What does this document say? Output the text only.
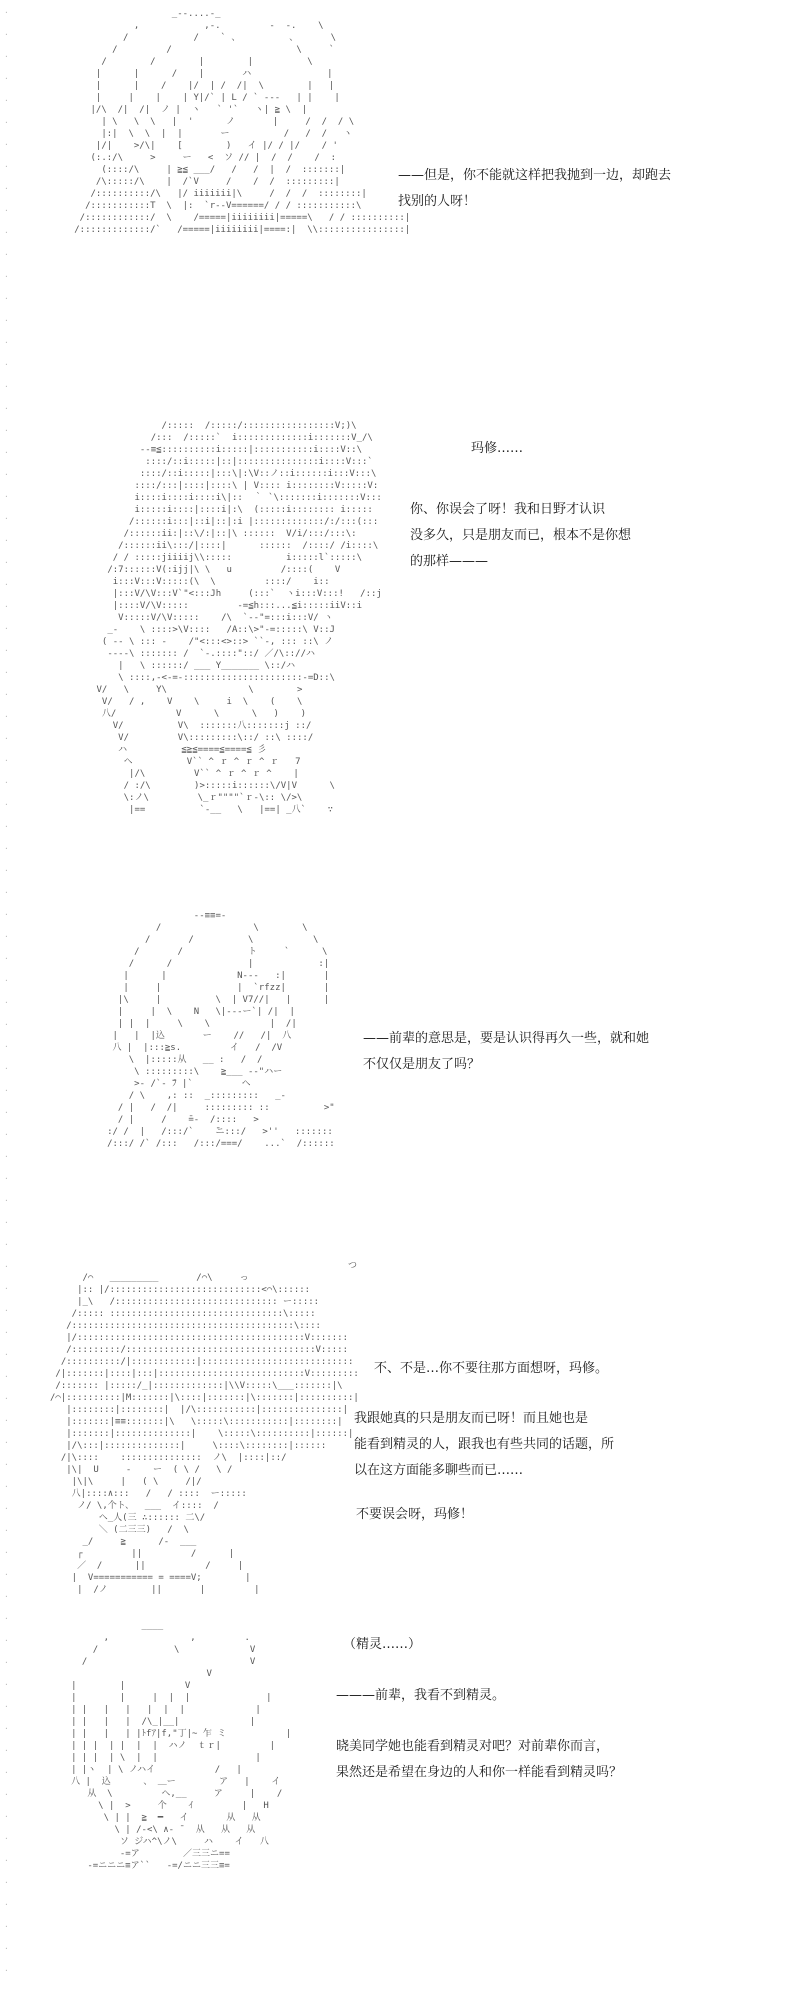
.
.
.
.
.
.
.
.
.
.
.
.
.
.
.
.
.
.
.
.
.
.
.
.
.
.
.
.
.
.
.
.
.
.
.
.
.
.
.
.
.
.
.
.
.
.
.
.
.
.
.
.
.
.
.
.
.
.
.
.
.
.
.
.
.
.
.
.
.
.
.
.
.
.
.
.
.
.
.
.
.
.
.
.
.
.
.
.
.
.
_--....-_
,            ,-.         -  -.    \
/            /    ` 、         、      \
/         /                       \     `
/        /        |        |          \
|      |      /    |       ハ              |
|      |    /    |/  | /  /|  \        |   |
|     |    |    | Y|/` | L / ` ---   | |    |
|/\  /|  /|  ノ |  ヽ   ` '`   ヽ| ≧ \  |
| \   \  \   |  '      ノ       |     /  /  / \
|:|  \  \  |  |       ー          /   /  /   ヽ
|/|    >/\|    [        )   イ |/ / |/    / '
(:.:/\     >     ー   <  ソ // |  /  /    /  :
(::::/\     | ≧≦ ___/   /   /  |  /  :::::::|
/\:::::/\    |  /`V     /    /  /  :::::::::|
/::::::::::/\   |/ iiiiiii|\     /  /  /  ::::::::|
/:::::::::::T  \  |:  `r--V======/ / / :::::::::::\
/::::::::::::/  \    /=====|iiiiiiii|=====\   / / ::::::::::|
/:::::::::::::/`   /=====|iiiiiiii|====:|  \\::::::::::::::::|

——但是，你不能就这样把我抛到一边，却跑去

找别的人呀！

/:::::  /:::::/:::::::::::::::::V;)\
/:::  /:::::`  i:::::::::::::i:::::::V_/\
--≡≦::::::::::i:::::|:::::::::::i::::V::\
::::/::i:::::|::|:::::::::::::::i::::V:::`
::::/::i:::::|:::\|:\V::ノ::i::::::i:::V:::\
::::/:::|::::|::::\ | V:::: i::::::::V:::::V:
i::::i::::i::::i\|::  ｀ `\:::::::i:::::::V:::
i:::::i::::|::::i|:\  (:::::i:::::::: i:::::
/::::::i:::|::i|::|:i |:::::::::::::/:/:::(:::
/::::::ii:|::\/:|::|\ ::::::  V/i/:::/:::\:
/::::::ii\:::/|::::|      ::::::  /::::/ /i::::\
/ / :::::jiiiij\\:::::          i:::::l`:::::\
/:7::::::V(:ijj|\ \   u         /::::(    V
i:::V:::V:::::(\  \         ::::/    i::
|:::V/\V:::V`"<:::Jh     (:::`  ヽi:::V:::!   /::j
|::::V/\V:::::         -=≦h:::...≦i:::::iiV::i
V:::::V/\V:::::    /\  `--"=:::i:::V/ ヽ
_-    \ ::::>\V::::   /A::\>"-=:::::\ V::J
( -- \ ::: -    /"<:::<>::> ``-, ::: ::\ ノ
----\ ::::::: /  `-.::::"::/ ／/\:://ハ
|   \ ::::::/ ___ Y_______ \::/ハ
\ ::::,-<-=-::::::::::::::::::::::-=D::\
V/   \     Y\               \        >
V/   / ,    V    \     i  \    (    \
八/           V      \      \   )    )
V/          V\  :::::::八:::::::j ::/
V/         V\:::::::::\::/ ::\ ::::/
ハ          ≦≧≦====≦====≦ 彡
ヘ          V`` ^ ｒ ^ ｒ ^ ｒ   7
|/\         V`` ^ ｒ ^ ｒ ^    |
/ :/\        )>:::::i::::::\/V|V      \
\:ノ\         \_ｒ""""`ｒ-\:: \/>\
|==          `-__   \   |==| _八`    ∵

玛修……

你、你误会了呀！我和日野才认识

没多久，只是朋友而已，根本不是你想

的那样———

--≡≡=-
/                 \        \
/       /          \           \
/       /            ト     `      \
/      /              |            :|
|      |             N---   :|       |
|     |              |  `rfzz|       |
|\     |          \  | V7//|   |      |
|     |  \    N   \|---ー`| /|  |
| |  |     \    \           |  /|
|   |  |込       ー    //   /|  八
八 |  |:::≧s.         イ   /  /V
\  |:::::从   __ :   /  /
\ :::::::::\    ≧___ -‐"ハー
>- /`‐ ̄ﾌ |`         ヘ
/ \    ,: ::  _:::::::::   _-
/ |   /  /|     ::::::::: ::          >"
/ |     /    ̄=-  /::::   >
:/ /  |   /:::/`    ̄ニ:::/   >''   :::::::
/:::/ /` /:::   /:::/===/    ...`  /::::::

——前辈的意思是，要是认识得再久一些，就和她

不仅仅是朋友了吗？

つ
/⌒   _________       /⌒\     っ
|:: |/::::::::::::::::::::::::::::<⌒\::::::
|_\   /:::::::::::::::::::::::::::::: ー:::::
/::::: ::::::::::::::::::::::::::::::::\:::::
/:::::::::::::::::::::::::::::::::::::::::\::::
|/::::::::::::::::::::::::::::::::::::::::::V:::::::
/:::::::::/:::::::::::::::::::::::::::::::::::V:::::
/::::::::::/|::::::::::::|::::::::::::::::::::::::::::
/|:::::::|::::|:::|:::::::::::::::::::::::::::V:::::::::
/::::::: |:::::/_|:::::::::::::|\\V:::::\___:::::::|\
/⌒|::::::::::|M:::::::|\::::|:::::::|\:::::::|::::::::::|
|::::::::|::::::::|  |/\:::::::::::|:::::::::::::::|
|:::::::|≡≡:::::::|\   \:::::\:::::::::::|::::::::|
|:::::::|::::::::::::::|    \:::::\::::::::::|::::::|
|/\:::|::::::::::::::|     \::::\::::::::|::::::
/|\::::    :::::::::::::::  ノ\  |::::|::/
|\|  U     -    ー  ( \ /   \ /
|\|\     |   ( \     /|/
八|::::∧:::   /   / ::::  ー:::::
ノ/ \,个ト、  ___  イ::::  /
ヘ_人(三 ∴:::::: 二\/
＼ (二三三)   /  \
_/     ≧      /-  ___
┌         ||         /      |
／  /      ||           /     |
|  V=========== = ====V;        |
|  /ノ        ||       |         |

不、不是…你不要往那方面想呀，玛修。

我跟她真的只是朋友而已呀！而且她也是

能看到精灵的人，跟我也有些共同的话题，所

以在这方面能多聊些而已……

不要误会呀，玛修！

____
,               ,         .
/              \             V
/                              V
V
|        |           V
|        |     |  |  |              |
| |   |   |   |  |  |             |
| |   |   |  /\_|__|             |
| |   |   | |ﾄfｱ|f,"丁|~ 乍 ミ           |
| | |  | |  |  |  ハノ  ｔｒ|         |
| | |  | \  |  |                  |
| |ヽ  | \ ノハイ           /   |
八 |  込      、 ＿ー        ア   |    イ
从  \         ヘ,__     ア     |    /
\ |  >     个    ｲ         |   H
\ | |  ≧  ━   イ       从   从
\ | /-<\ ∧‐ ̄   从   从   从
ソ ジハ^\ノ\     ハ    イ   八
-=ア        ／三三ニ==
-=ニニニ≡ア``   -=/ニニ三三≡=

（精灵……）

———前辈，我看不到精灵。

晓美同学她也能看到精灵对吧？对前辈你而言，

果然还是希望在身边的人和你一样能看到精灵吗？
